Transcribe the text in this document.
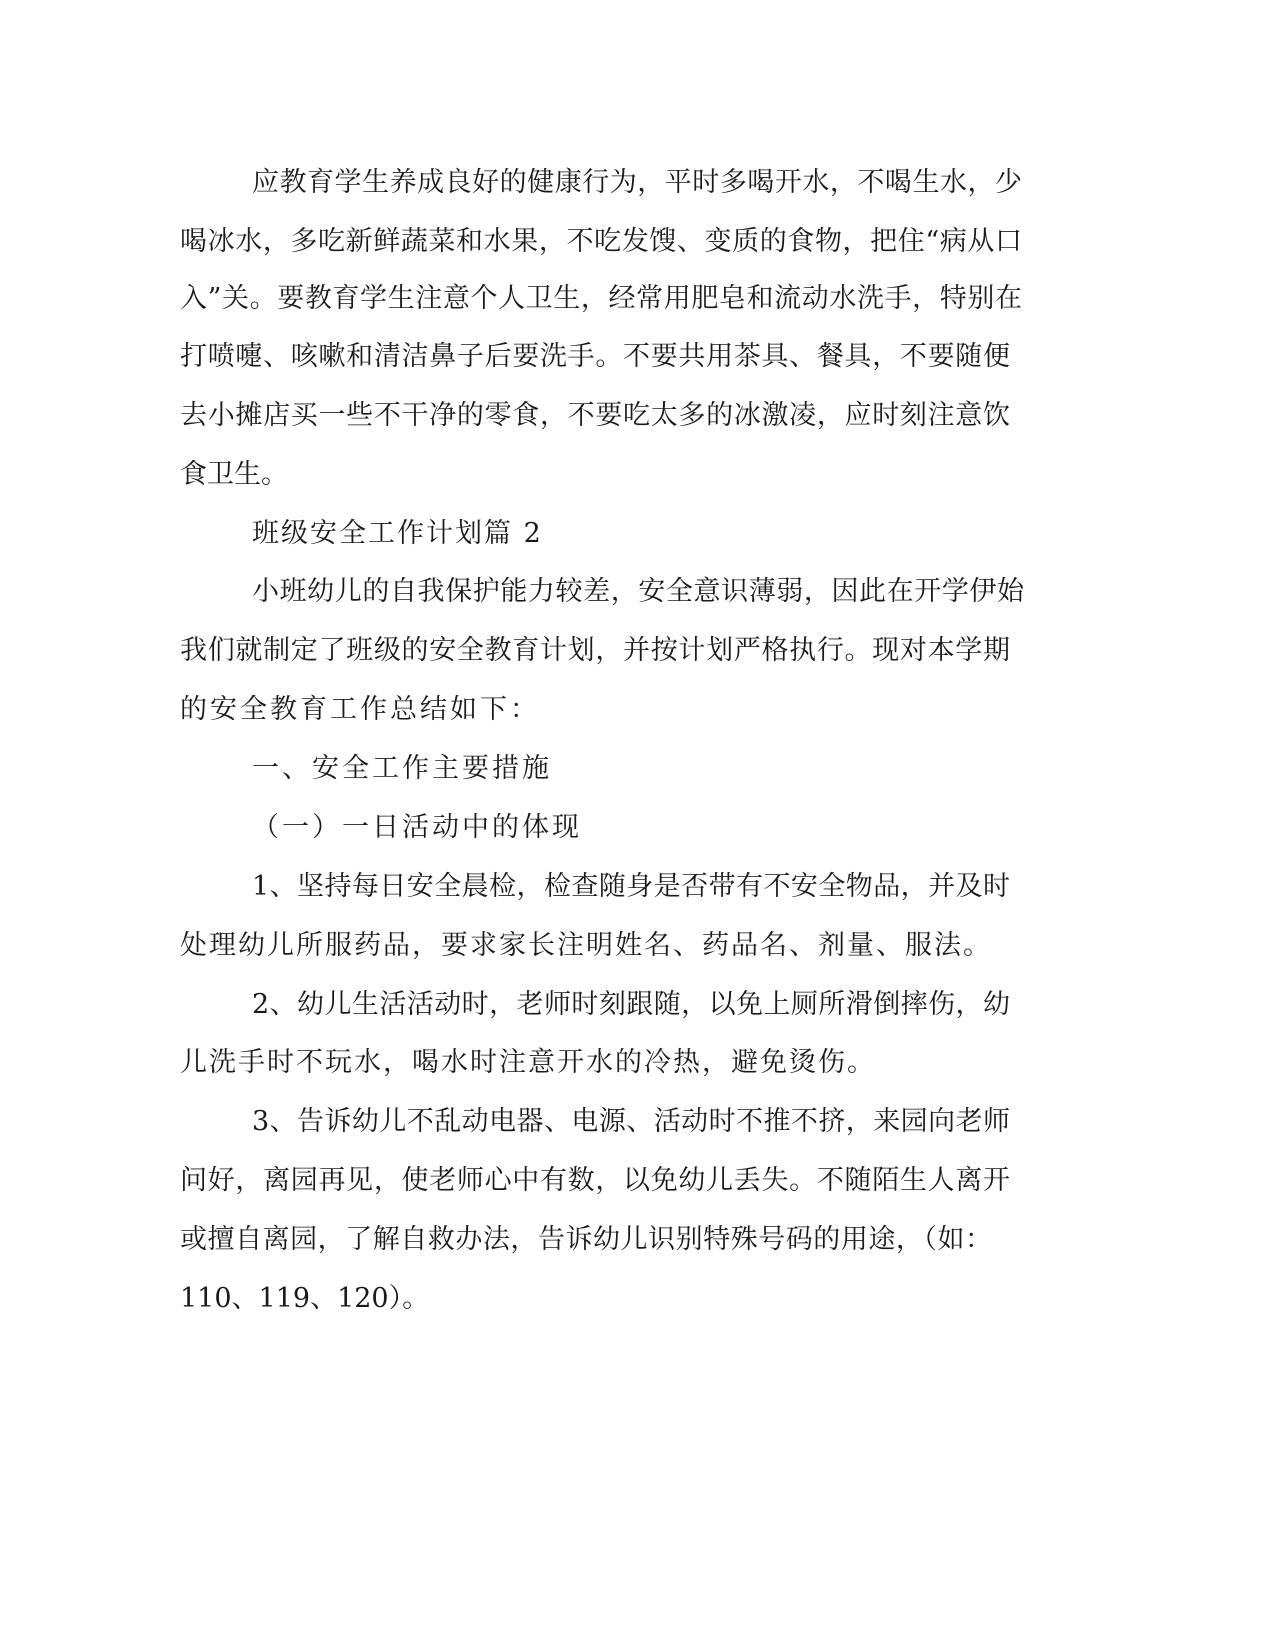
应教育学生养成良好的健康行为，平时多喝开水，不喝生水，少
喝冰水，多吃新鲜蔬菜和水果，不吃发馊、变质的食物，把住“病从口
入”关。要教育学生注意个人卫生，经常用肥皂和流动水洗手，特别在
打喷嚏、咳嗽和清洁鼻子后要洗手。不要共用茶具、餐具，不要随便
去小摊店买一些不干净的零食，不要吃太多的冰激凌，应时刻注意饮
食卫生。
班级安全工作计划篇 2
小班幼儿的自我保护能力较差，安全意识薄弱，因此在开学伊始
我们就制定了班级的安全教育计划，并按计划严格执行。现对本学期
的安全教育工作总结如下：
一、安全工作主要措施
（一）一日活动中的体现
1、坚持每日安全晨检，检查随身是否带有不安全物品，并及时
处理幼儿所服药品，要求家长注明姓名、药品名、剂量、服法。
2、幼儿生活活动时，老师时刻跟随，以免上厕所滑倒摔伤，幼
儿洗手时不玩水，喝水时注意开水的冷热，避免烫伤。
3、告诉幼儿不乱动电器、电源、活动时不推不挤，来园向老师
问好，离园再见，使老师心中有数，以免幼儿丢失。不随陌生人离开
或擅自离园，了解自救办法，告诉幼儿识别特殊号码的用途，（如：
110、119、120）。
